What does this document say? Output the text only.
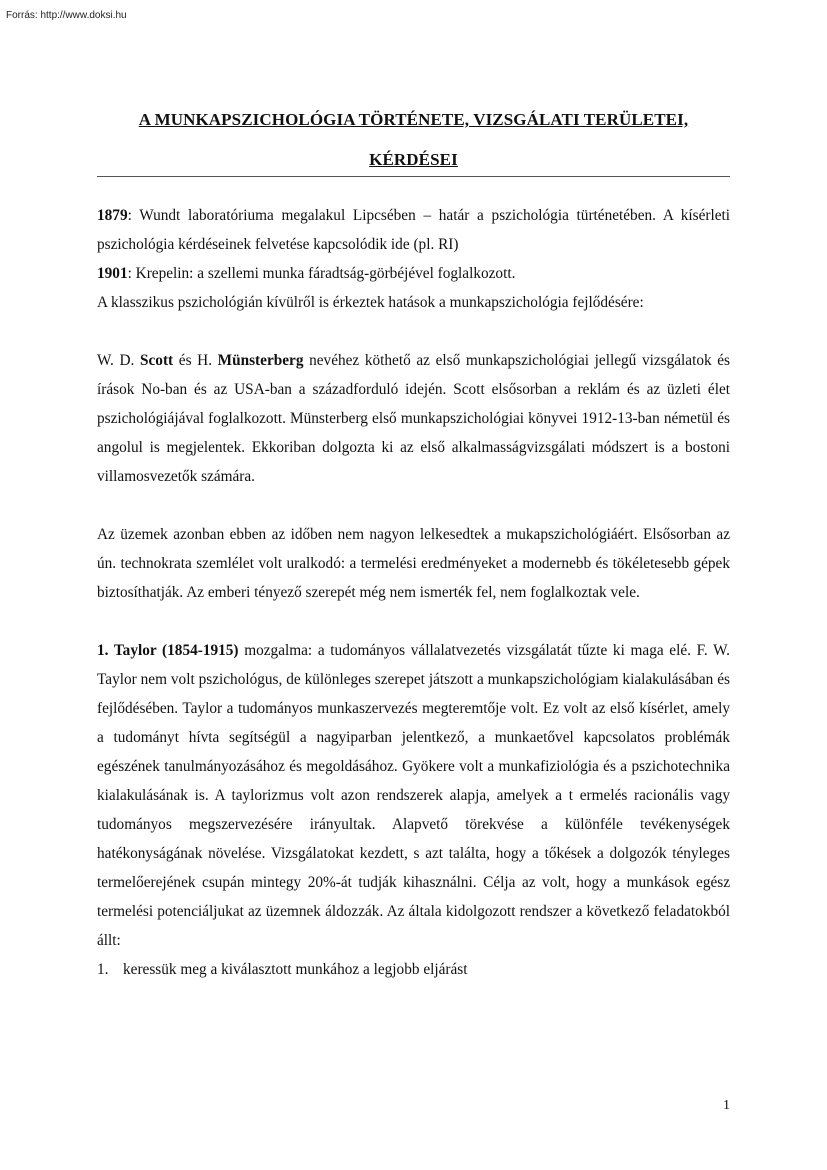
Forrás: http://www.doksi.hu
A MUNKAPSZICHOLÓGIA TÖRTÉNETE, VIZSGÁLATI TERÜLETEI,
KÉRDÉSEI

1879: Wundt laboratóriuma megalakul Lipcsében – határ a pszichológia türténetében. A kísérleti pszichológia kérdéseinek felvetése kapcsolódik ide (pl. RI)

1901: Krepelin: a szellemi munka fáradtság-görbéjével foglalkozott.

A klasszikus pszichológián kívülről is érkeztek hatások a munkapszichológia fejlődésére:

W. D. Scott és H. Münsterberg nevéhez köthető az első munkapszichológiai jellegű vizsgálatok és írások No-ban és az USA-ban a századforduló idején. Scott elsősorban a reklám és az üzleti élet pszichológiájával foglalkozott. Münsterberg első munkapszichológiai könyvei 1912-13-ban németül és angolul is megjelentek. Ekkoriban dolgozta ki az első alkalmasságvizsgálati módszert is a bostoni villamosvezetők számára.

Az üzemek azonban ebben az időben nem nagyon lelkesedtek a mukapszichológiáért. Elsősorban az ún. technokrata szemlélet volt uralkodó: a termelési eredményeket a modernebb és tökéletesebb gépek biztosíthatják. Az emberi tényező szerepét még nem ismerték fel, nem foglalkoztak vele.

1. Taylor (1854-1915) mozgalma: a tudományos vállalatvezetés vizsgálatát tűzte ki maga elé. F. W. Taylor nem volt pszichológus, de különleges szerepet játszott a munkapszichológiam kialakulásában és fejlődésében. Taylor a tudományos munkaszervezés megteremtője volt. Ez volt az első kísérlet, amely a tudományt hívta segítségül a nagyiparban jelentkező, a munkaetővel kapcsolatos problémák egészének tanulmányozásához és megoldásához. Gyökere volt a munkafiziológia és a pszichotechnika kialakulásának is. A taylorizmus volt azon rendszerek alapja, amelyek a t ermelés racionális vagy tudományos megszervezésére irányultak. Alapvető törekvése a különféle tevékenységek hatékonyságának növelése. Vizsgálatokat kezdett, s azt találta, hogy a tőkések a dolgozók tényleges termelőerejének csupán mintegy 20%-át tudják kihasználni. Célja az volt, hogy a munkások egész termelési potenciáljukat az üzemnek áldozzák. Az általa kidolgozott rendszer a következő feladatokból állt:

1. keressük meg a kiválasztott munkához a legjobb eljárást
1
